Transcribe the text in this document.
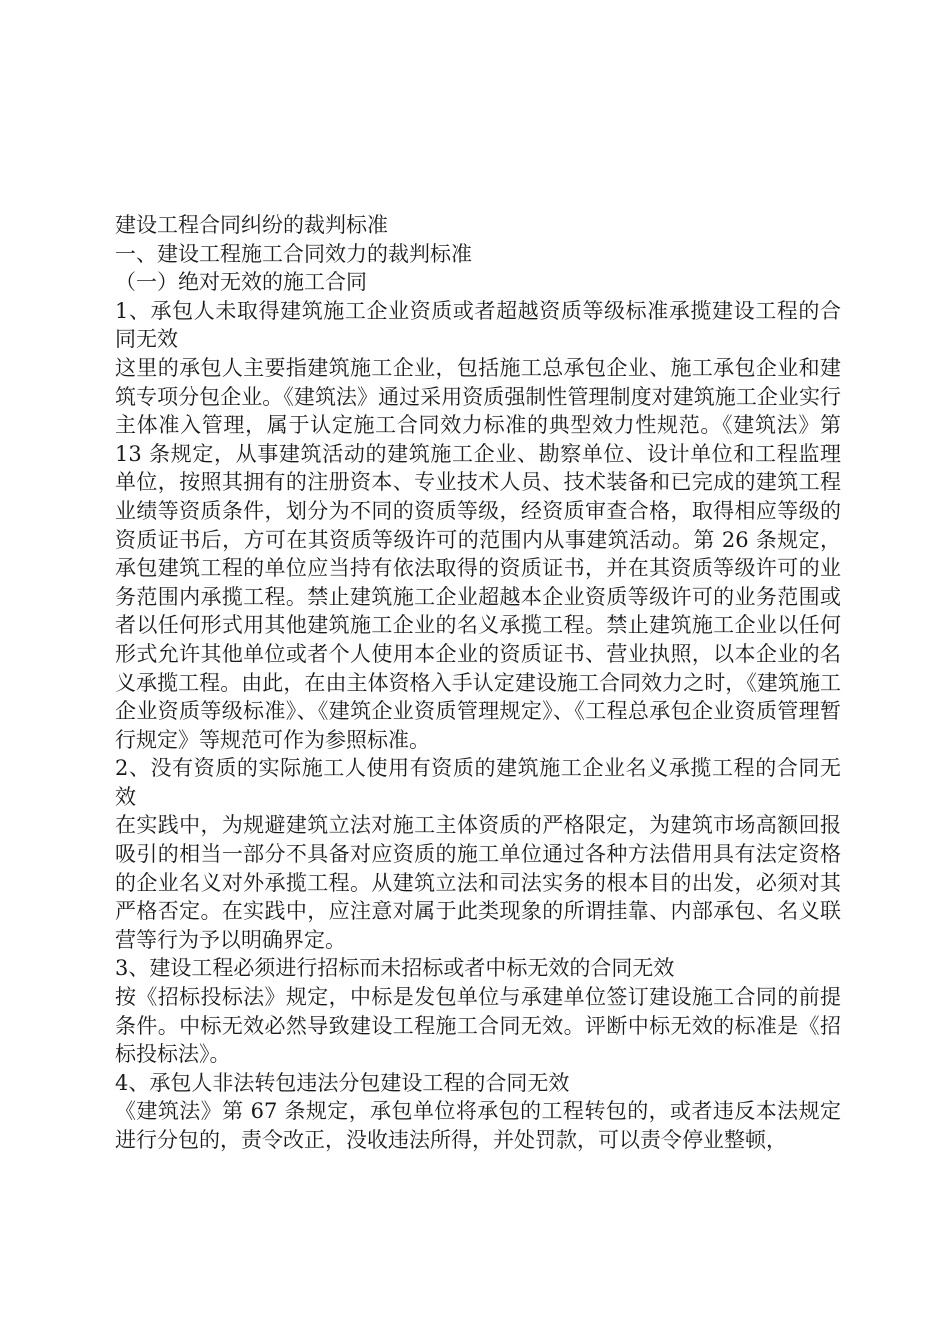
建设工程合同纠纷的裁判标准

一、建设工程施工合同效力的裁判标准

（一）绝对无效的施工合同

1、承包人未取得建筑施工企业资质或者超越资质等级标准承揽建设工程的合同无效

这里的承包人主要指建筑施工企业，包括施工总承包企业、施工承包企业和建筑专项分包企业。《建筑法》通过采用资质强制性管理制度对建筑施工企业实行主体准入管理，属于认定施工合同效力标准的典型效力性规范。《建筑法》第 13 条规定，从事建筑活动的建筑施工企业、勘察单位、设计单位和工程监理单位，按照其拥有的注册资本、专业技术人员、技术装备和已完成的建筑工程业绩等资质条件，划分为不同的资质等级，经资质审查合格，取得相应等级的资质证书后，方可在其资质等级许可的范围内从事建筑活动。第 26 条规定，承包建筑工程的单位应当持有依法取得的资质证书，并在其资质等级许可的业务范围内承揽工程。禁止建筑施工企业超越本企业资质等级许可的业务范围或者以任何形式用其他建筑施工企业的名义承揽工程。禁止建筑施工企业以任何形式允许其他单位或者个人使用本企业的资质证书、营业执照，以本企业的名义承揽工程。由此，在由主体资格入手认定建设施工合同效力之时，《建筑施工企业资质等级标准》、《建筑企业资质管理规定》、《工程总承包企业资质管理暂行规定》等规范可作为参照标准。

2、没有资质的实际施工人使用有资质的建筑施工企业名义承揽工程的合同无效

在实践中，为规避建筑立法对施工主体资质的严格限定，为建筑市场高额回报吸引的相当一部分不具备对应资质的施工单位通过各种方法借用具有法定资格的企业名义对外承揽工程。从建筑立法和司法实务的根本目的出发，必须对其严格否定。在实践中，应注意对属于此类现象的所谓挂靠、内部承包、名义联营等行为予以明确界定。

3、建设工程必须进行招标而未招标或者中标无效的合同无效

按《招标投标法》规定，中标是发包单位与承建单位签订建设施工合同的前提条件。中标无效必然导致建设工程施工合同无效。评断中标无效的标准是《招标投标法》。

4、承包人非法转包违法分包建设工程的合同无效

《建筑法》第 67 条规定，承包单位将承包的工程转包的，或者违反本法规定进行分包的，责令改正，没收违法所得，并处罚款，可以责令停业整顿，
